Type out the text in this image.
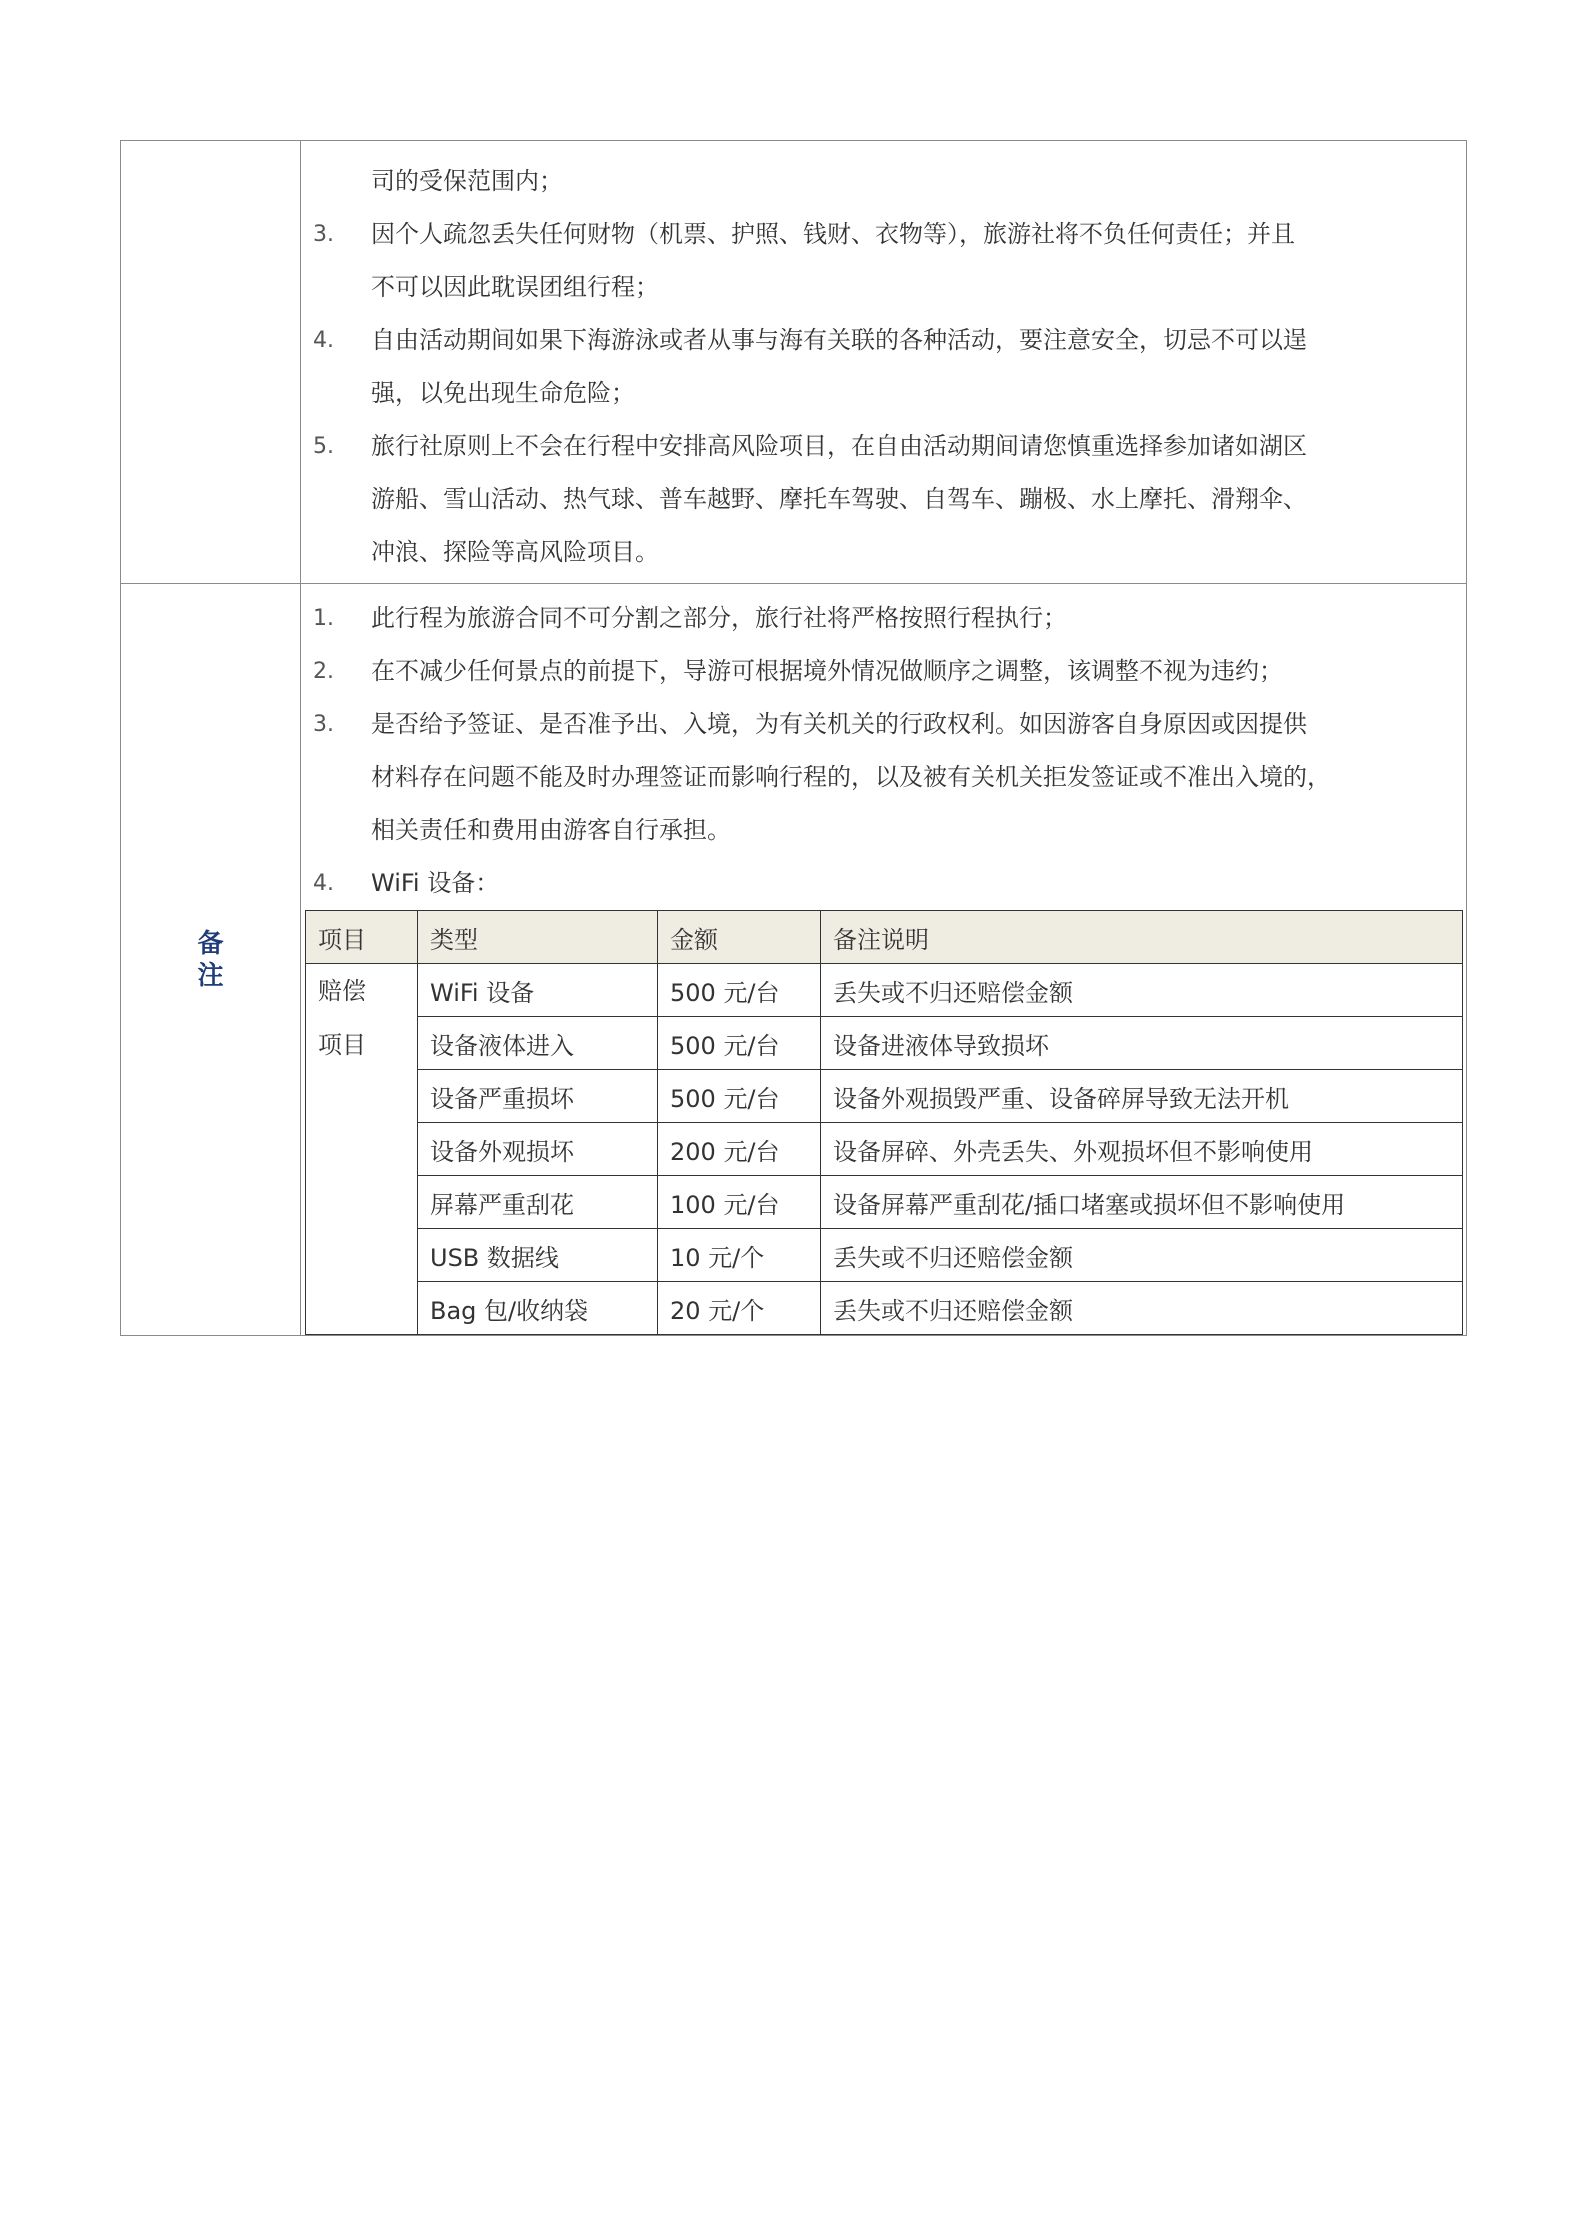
司的受保范围内；
3.	因个人疏忽丢失任何财物（机票、护照、钱财、衣物等），旅游社将不负任何责任；并且
不可以因此耽误团组行程；
4.	自由活动期间如果下海游泳或者从事与海有关联的各种活动，要注意安全，切忌不可以逞
强，以免出现生命危险；
5.	旅行社原则上不会在行程中安排高风险项目，在自由活动期间请您慎重选择参加诸如湖区
游船、雪山活动、热气球、普车越野、摩托车驾驶、自驾车、蹦极、水上摩托、滑翔伞、
冲浪、探险等高风险项目。

备注	
1.	此行程为旅游合同不可分割之部分，旅行社将严格按照行程执行；
2.	在不减少任何景点的前提下，导游可根据境外情况做顺序之调整，该调整不视为违约；
3.	是否给予签证、是否准予出、入境，为有关机关的行政权利。如因游客自身原因或因提供
材料存在问题不能及时办理签证而影响行程的，以及被有关机关拒发签证或不准出入境的，
相关责任和费用由游客自行承担。
4.	WiFi 设备：
项目	类型	金额	备注说明

赔偿
项目
	WiFi 设备	500 元/台	丢失或不归还赔偿金额
设备液体进入	500 元/台	设备进液体导致损坏
设备严重损坏	500 元/台	设备外观损毁严重、设备碎屏导致无法开机
设备外观损坏	200 元/台	设备屏碎、外壳丢失、外观损坏但不影响使用
屏幕严重刮花	100 元/台	设备屏幕严重刮花/插口堵塞或损坏但不影响使用
USB 数据线	10 元/个	丢失或不归还赔偿金额
Bag 包/收纳袋	20 元/个	丢失或不归还赔偿金额
